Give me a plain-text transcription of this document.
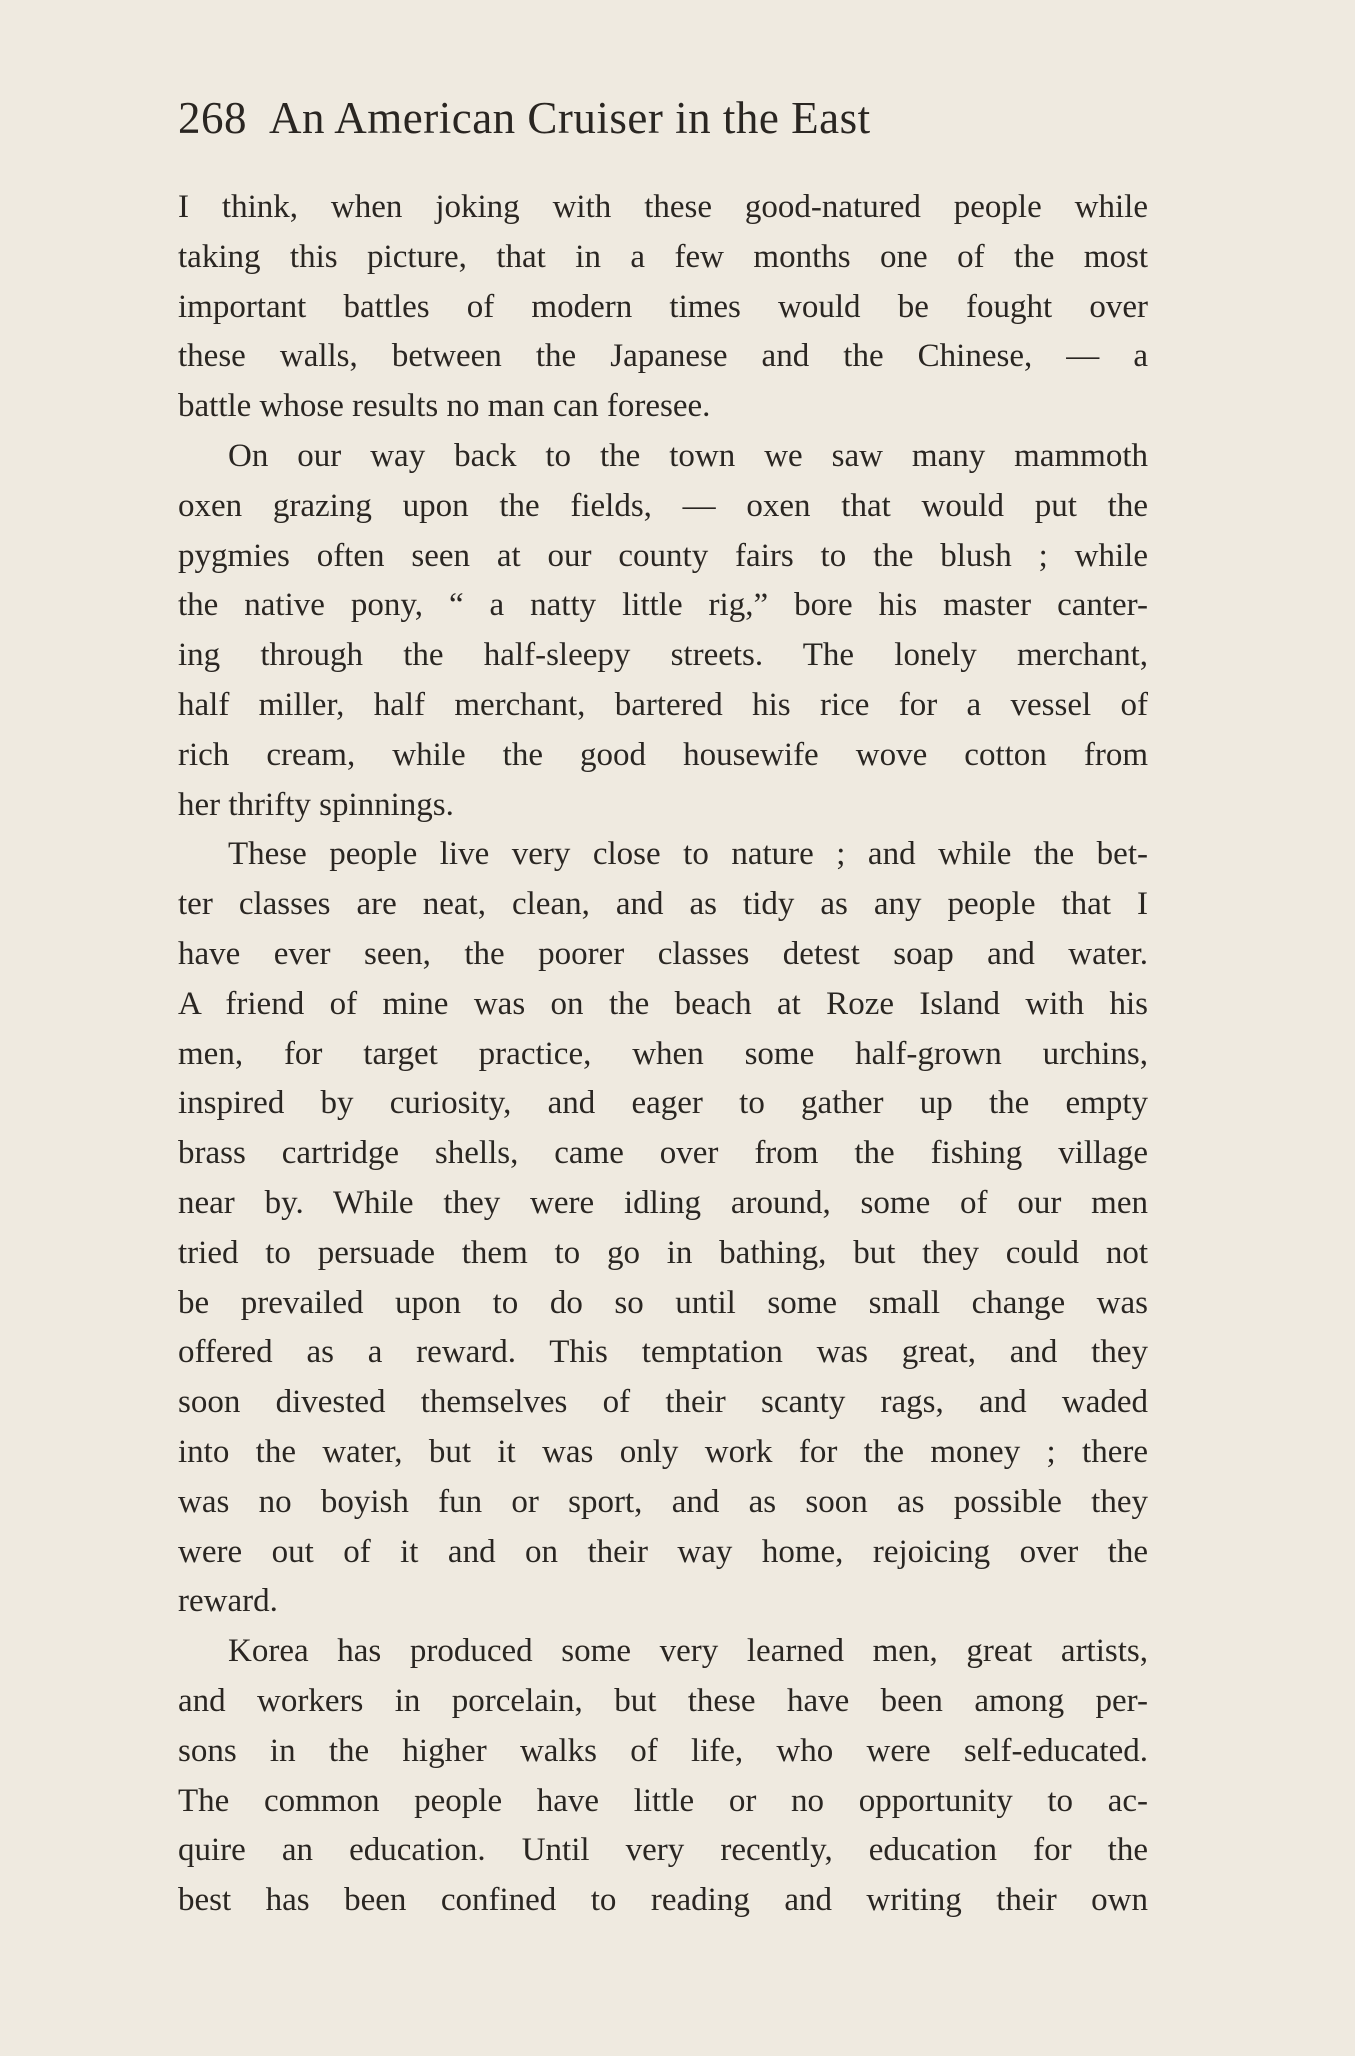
268 An American Cruiser in the East
I think, when joking with these good-natured people while
taking this picture, that in a few months one of the most
important battles of modern times would be fought over
these walls, between the Japanese and the Chinese, — a
battle whose results no man can foresee.
On our way back to the town we saw many mammoth
oxen grazing upon the fields, — oxen that would put the
pygmies often seen at our county fairs to the blush ; while
the native pony, “ a natty little rig,” bore his master canter-
ing through the half-sleepy streets. The lonely merchant,
half miller, half merchant, bartered his rice for a vessel of
rich cream, while the good housewife wove cotton from
her thrifty spinnings.
These people live very close to nature ; and while the bet-
ter classes are neat, clean, and as tidy as any people that I
have ever seen, the poorer classes detest soap and water.
A friend of mine was on the beach at Roze Island with his
men, for target practice, when some half-grown urchins,
inspired by curiosity, and eager to gather up the empty
brass cartridge shells, came over from the fishing village
near by. While they were idling around, some of our men
tried to persuade them to go in bathing, but they could not
be prevailed upon to do so until some small change was
offered as a reward. This temptation was great, and they
soon divested themselves of their scanty rags, and waded
into the water, but it was only work for the money ; there
was no boyish fun or sport, and as soon as possible they
were out of it and on their way home, rejoicing over the
reward.
Korea has produced some very learned men, great artists,
and workers in porcelain, but these have been among per-
sons in the higher walks of life, who were self-educated.
The common people have little or no opportunity to ac-
quire an education. Until very recently, education for the
best has been confined to reading and writing their own
